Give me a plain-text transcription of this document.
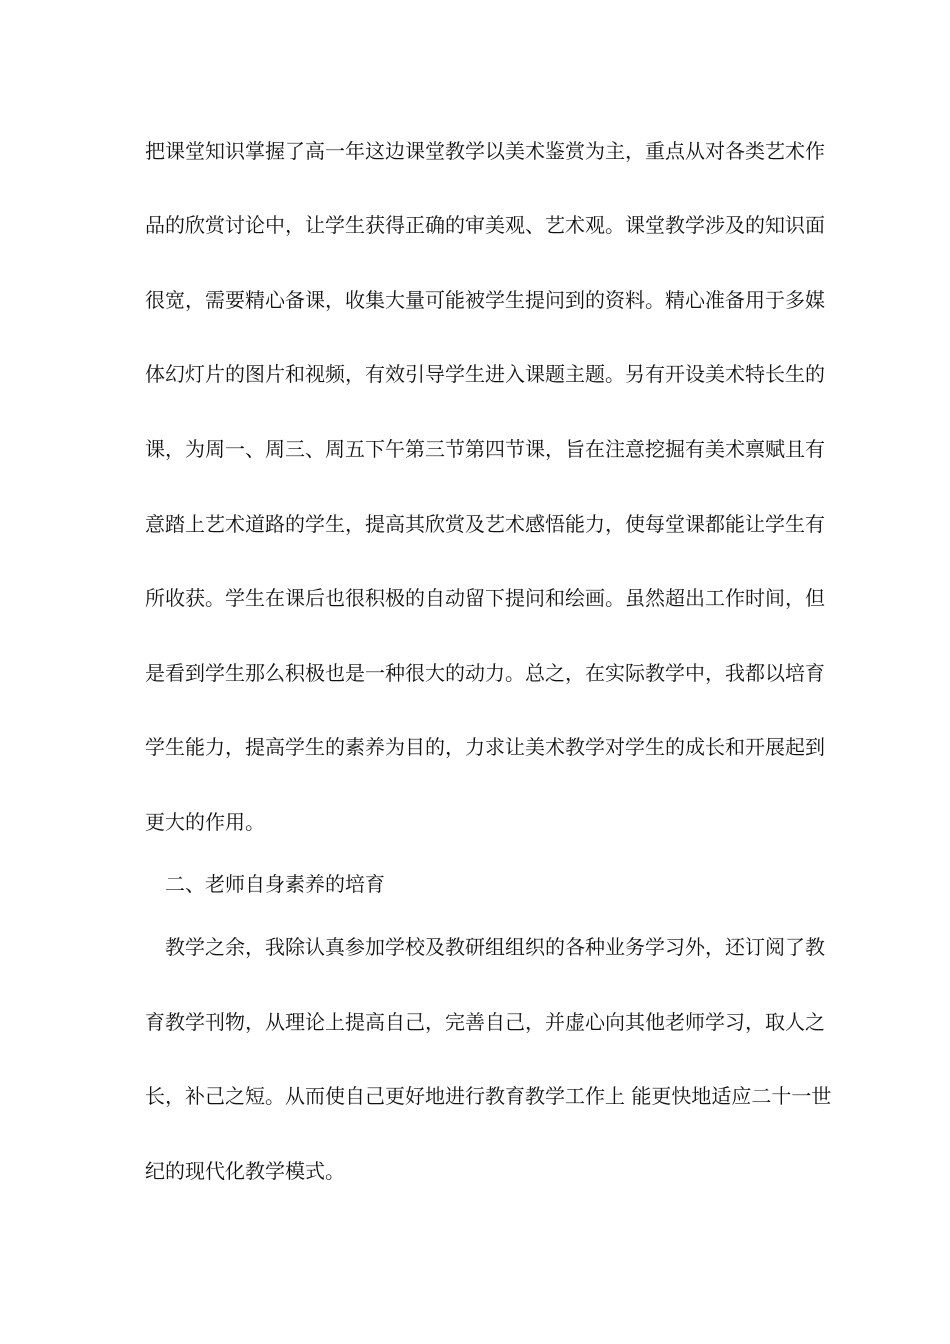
把课堂知识掌握了高一年这边课堂教学以美术鉴赏为主，重点从对各类艺术作
品的欣赏讨论中，让学生获得正确的审美观、艺术观。课堂教学涉及的知识面
很宽，需要精心备课，收集大量可能被学生提问到的资料。精心准备用于多媒
体幻灯片的图片和视频，有效引导学生进入课题主题。另有开设美术特长生的
课，为周一、周三、周五下午第三节第四节课，旨在注意挖掘有美术禀赋且有
意踏上艺术道路的学生，提高其欣赏及艺术感悟能力，使每堂课都能让学生有
所收获。学生在课后也很积极的自动留下提问和绘画。虽然超出工作时间，但
是看到学生那么积极也是一种很大的动力。总之，在实际教学中，我都以培育
学生能力，提高学生的素养为目的，力求让美术教学对学生的成长和开展起到
更大的作用。
二、老师自身素养的培育
教学之余，我除认真参加学校及教研组组织的各种业务学习外，还订阅了教
育教学刊物，从理论上提高自己，完善自己，并虚心向其他老师学习，取人之
长，补己之短。从而使自己更好地进行教育教学工作上 能更快地适应二十一世
纪的现代化教学模式。
